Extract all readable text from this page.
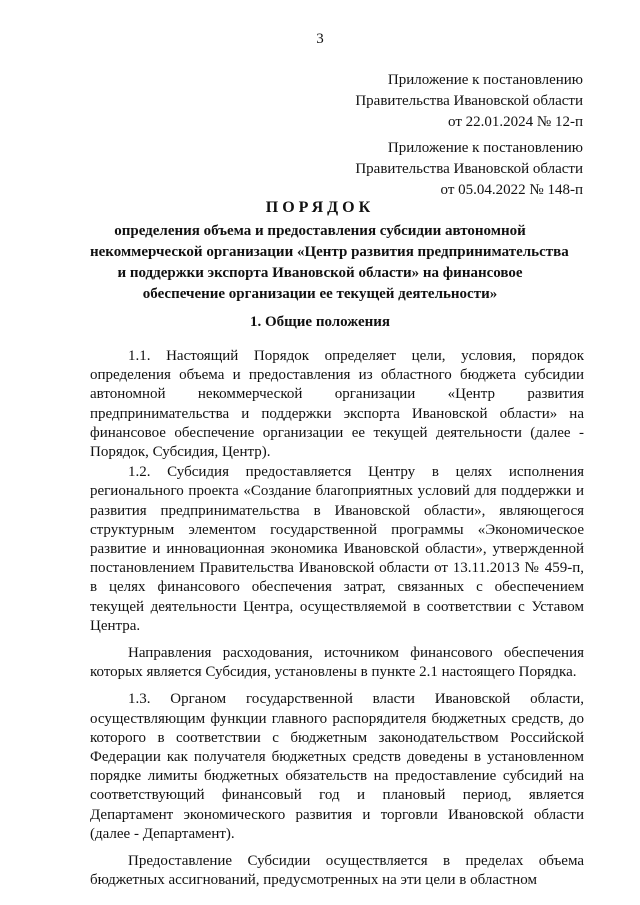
3
Приложение к постановлению
Правительства Ивановской области
от 22.01.2024 № 12-п
Приложение к постановлению
Правительства Ивановской области
от 05.04.2022 № 148-п
ПОРЯДОК
определения объема и предоставления субсидии автономной
некоммерческой организации «Центр развития предпринимательства
и поддержки экспорта Ивановской области» на финансовое
обеспечение организации ее текущей деятельности»
1. Общие положения

1.1. Настоящий Порядок определяет цели, условия, порядок определения объема и предоставления из областного бюджета субсидии автономной некоммерческой организации «Центр развития предпринимательства и поддержки экспорта Ивановской области» на финансовое обеспечение организации ее текущей деятельности (далее - Порядок, Субсидия, Центр).

1.2. Субсидия предоставляется Центру в целях исполнения регионального проекта «Создание благоприятных условий для поддержки и развития предпринимательства в Ивановской области», являющегося структурным элементом государственной программы «Экономическое развитие и инновационная экономика Ивановской области», утвержденной постановлением Правительства Ивановской области от 13.11.2013 № 459-п, в целях финансового обеспечения затрат, связанных с обеспечением текущей деятельности Центра, осуществляемой в соответствии с Уставом Центра.

Направления расходования, источником финансового обеспечения которых является Субсидия, установлены в пункте 2.1 настоящего Порядка.

1.3. Органом государственной власти Ивановской области, осуществляющим функции главного распорядителя бюджетных средств, до которого в соответствии с бюджетным законодательством Российской Федерации как получателя бюджетных средств доведены в установленном порядке лимиты бюджетных обязательств на предоставление субсидий на соответствующий финансовый год и плановый период, является Департамент экономического развития и торговли Ивановской области (далее - Департамент).

Предоставление Субсидии осуществляется в пределах объема бюджетных ассигнований, предусмотренных на эти цели в областном
